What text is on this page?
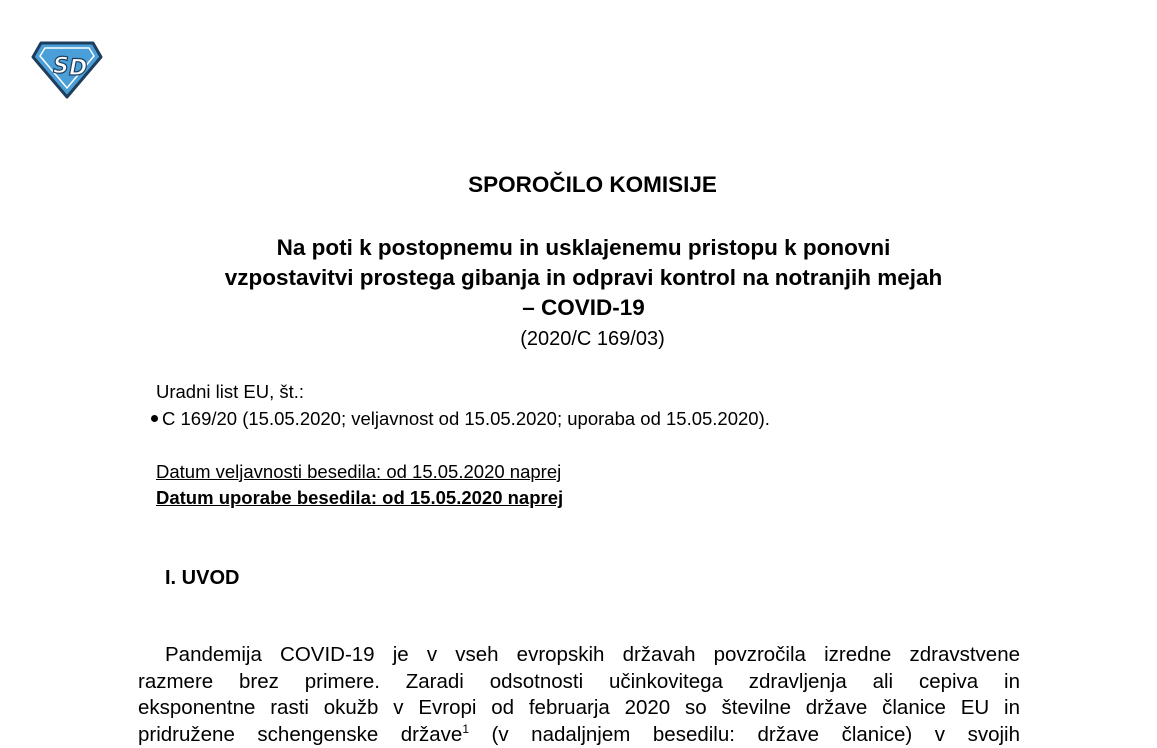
S D
SPOROČILO KOMISIJE
Na poti k postopnemu in usklajenemu pristopu k ponovni
vzpostavitvi prostega gibanja in odpravi kontrol na notranjih mejah
– COVID-19
(2020/C 169/03)
Uradni list EU, št.:
C 169/20 (15.05.2020; veljavnost od 15.05.2020; uporaba od 15.05.2020).
Datum veljavnosti besedila: od 15.05.2020 naprej
Datum uporabe besedila: od 15.05.2020 naprej
I. UVOD
Pandemija COVID-19 je v vseh evropskih državah povzročila izredne zdravstvene
razmere brez primere. Zaradi odsotnosti učinkovitega zdravljenja ali cepiva in
eksponentne rasti okužb v Evropi od februarja 2020 so številne države članice EU in
pridružene schengenske države$^1$ (v nadaljnjem besedilu: države članice) v svojih
